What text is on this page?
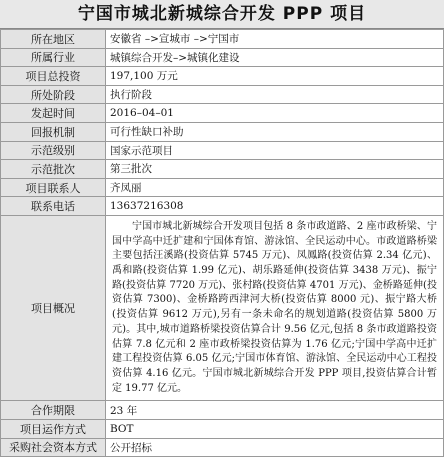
宁国市城北新城综合开发 PPP 项目
所在地区	安徽省 –>宣城市 –>宁国市
所属行业	城镇综合开发–>城镇化建设
项目总投资	197,100 万元
所处阶段	执行阶段
发起时间	2016–04–01
回报机制	可行性缺口补助
示范级别	国家示范项目
示范批次	第三批次
项目联系人	齐凤丽
联系电话	13637216308
项目概况	宁国市城北新城综合开发项目包括 8 条市政道路、2 座市政桥梁、宁国中学高中迁扩建和宁国体育馆、游泳馆、全民运动中心。市政道路桥梁主要包括汪溪路(投资估算 5745 万元)、凤鳳路(投资估算 2.34 亿元)、禹和路(投资估算 1.99 亿元)、胡乐路延伸(投资估算 3438 万元)、振宁路(投资估算 7720 万元)、张村路(投资估算 4701 万元)、金桥路延伸(投资估算 7300)、金桥路跨西津河大桥(投资估算 8000 元)、振宁路大桥(投资估算 9612 万元),另有一条未命名的规划道路(投资估算 5800 万元)。其中,城市道路桥梁投资估算合计 9.56 亿元,包括 8 条市政道路投资估算 7.8 亿元和 2 座市政桥梁投资估算为 1.76 亿元;宁国中学高中迁扩建工程投资估算 6.05 亿元;宁国市体育馆、游泳馆、全民运动中心工程投资估算 4.16 亿元。宁国市城北新城综合开发 PPP 项目,投资估算合计暂定 19.77 亿元。

合作期限	23 年
项目运作方式	BOT
采购社会资本方式	公开招标
